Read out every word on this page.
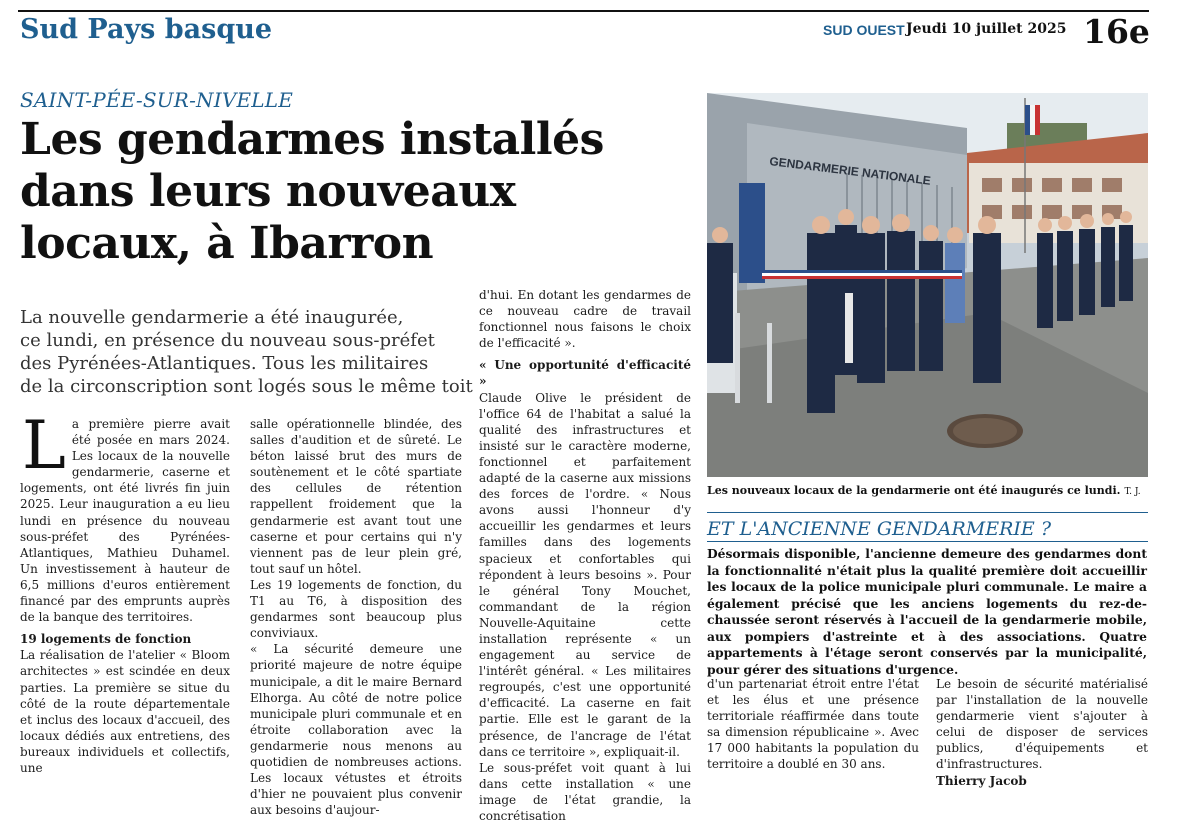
Sud Pays basque	SUD OUEST Jeudi 10 juillet 2025 16e
SAINT-PÉE-SUR-NIVELLE
Les gendarmes installés
dans leurs nouveaux
locaux, à Ibarron
La nouvelle gendarmerie a été inaugurée,
ce lundi, en présence du nouveau sous-préfet
des Pyrénées-Atlantiques. Tous les militaires
de la circonscription sont logés sous le même toit

La première pierre avait été posée en mars 2024. Les locaux de la nouvelle gendarmerie, caserne et logements, ont été livrés fin juin 2025. Leur inauguration a eu lieu lundi en présence du nouveau sous-préfet des Pyrénées-Atlantiques, Mathieu Duhamel. Un investissement à hauteur de 6,5 millions d'euros entièrement financé par des emprunts auprès de la banque des territoires.

19 logements de fonction

La réalisation de l'atelier « Bloom architectes » est scindée en deux parties. La première se situe du côté de la route départementale et inclus des locaux d'accueil, des locaux dédiés aux entretiens, des bureaux individuels et collectifs, une

salle opérationnelle blindée, des salles d'audition et de sûreté. Le béton laissé brut des murs de soutènement et le côté spartiate des cellules de rétention rappellent froidement que la gendarmerie est avant tout une caserne et pour certains qui n'y viennent pas de leur plein gré, tout sauf un hôtel.

Les 19 logements de fonction, du T1 au T6, à disposition des gendarmes sont beaucoup plus conviviaux.

« La sécurité demeure une priorité majeure de notre équipe municipale, a dit le maire Bernard Elhorga. Au côté de notre police municipale pluri communale et en étroite collaboration avec la gendarmerie nous menons au quotidien de nombreuses actions. Les locaux vétustes et étroits d'hier ne pouvaient plus convenir aux besoins d'aujour-

d'hui. En dotant les gendarmes de ce nouveau cadre de travail fonctionnel nous faisons le choix de l'efficacité ».

« Une opportunité d'efficacité »

Claude Olive le président de l'office 64 de l'habitat a salué la qualité des infrastructures et insisté sur le caractère moderne, fonctionnel et parfaitement adapté de la caserne aux missions des forces de l'ordre. « Nous avons aussi l'honneur d'y accueillir les gendarmes et leurs familles dans des logements spacieux et confortables qui répondent à leurs besoins ». Pour le général Tony Mouchet, commandant de la région Nouvelle-Aquitaine cette installation représente « un engagement au service de l'intérêt général. « Les militaires regroupés, c'est une opportunité d'efficacité. La caserne en fait partie. Elle est le garant de la présence, de l'ancrage de l'état dans ce territoire », expliquait-il.

Le sous-préfet voit quant à lui dans cette installation « une image de l'état grandie, la concrétisation

GENDARMERIE NATIONALE
Les nouveaux locaux de la gendarmerie ont été inaugurés ce lundi. T. J.
ET L'ANCIENNE GENDARMERIE ?
Désormais disponible, l'ancienne demeure des gendarmes dont la fonctionnalité n'était plus la qualité première doit accueillir les locaux de la police municipale pluri communale. Le maire a également précisé que les anciens logements du rez-de-chaussée seront réservés à l'accueil de la gendarmerie mobile, aux pompiers d'astreinte et à des associations. Quatre appartements à l'étage seront conservés par la municipalité, pour gérer des situations d'urgence.

d'un partenariat étroit entre l'état et les élus et une présence territoriale réaffirmée dans toute sa dimension républicaine ». Avec 17 000 habitants la population du territoire a doublé en 30 ans.

Le besoin de sécurité matérialisé par l'installation de la nouvelle gendarmerie vient s'ajouter à celui de disposer de services publics, d'équipements et d'infrastructures.

Thierry Jacob
